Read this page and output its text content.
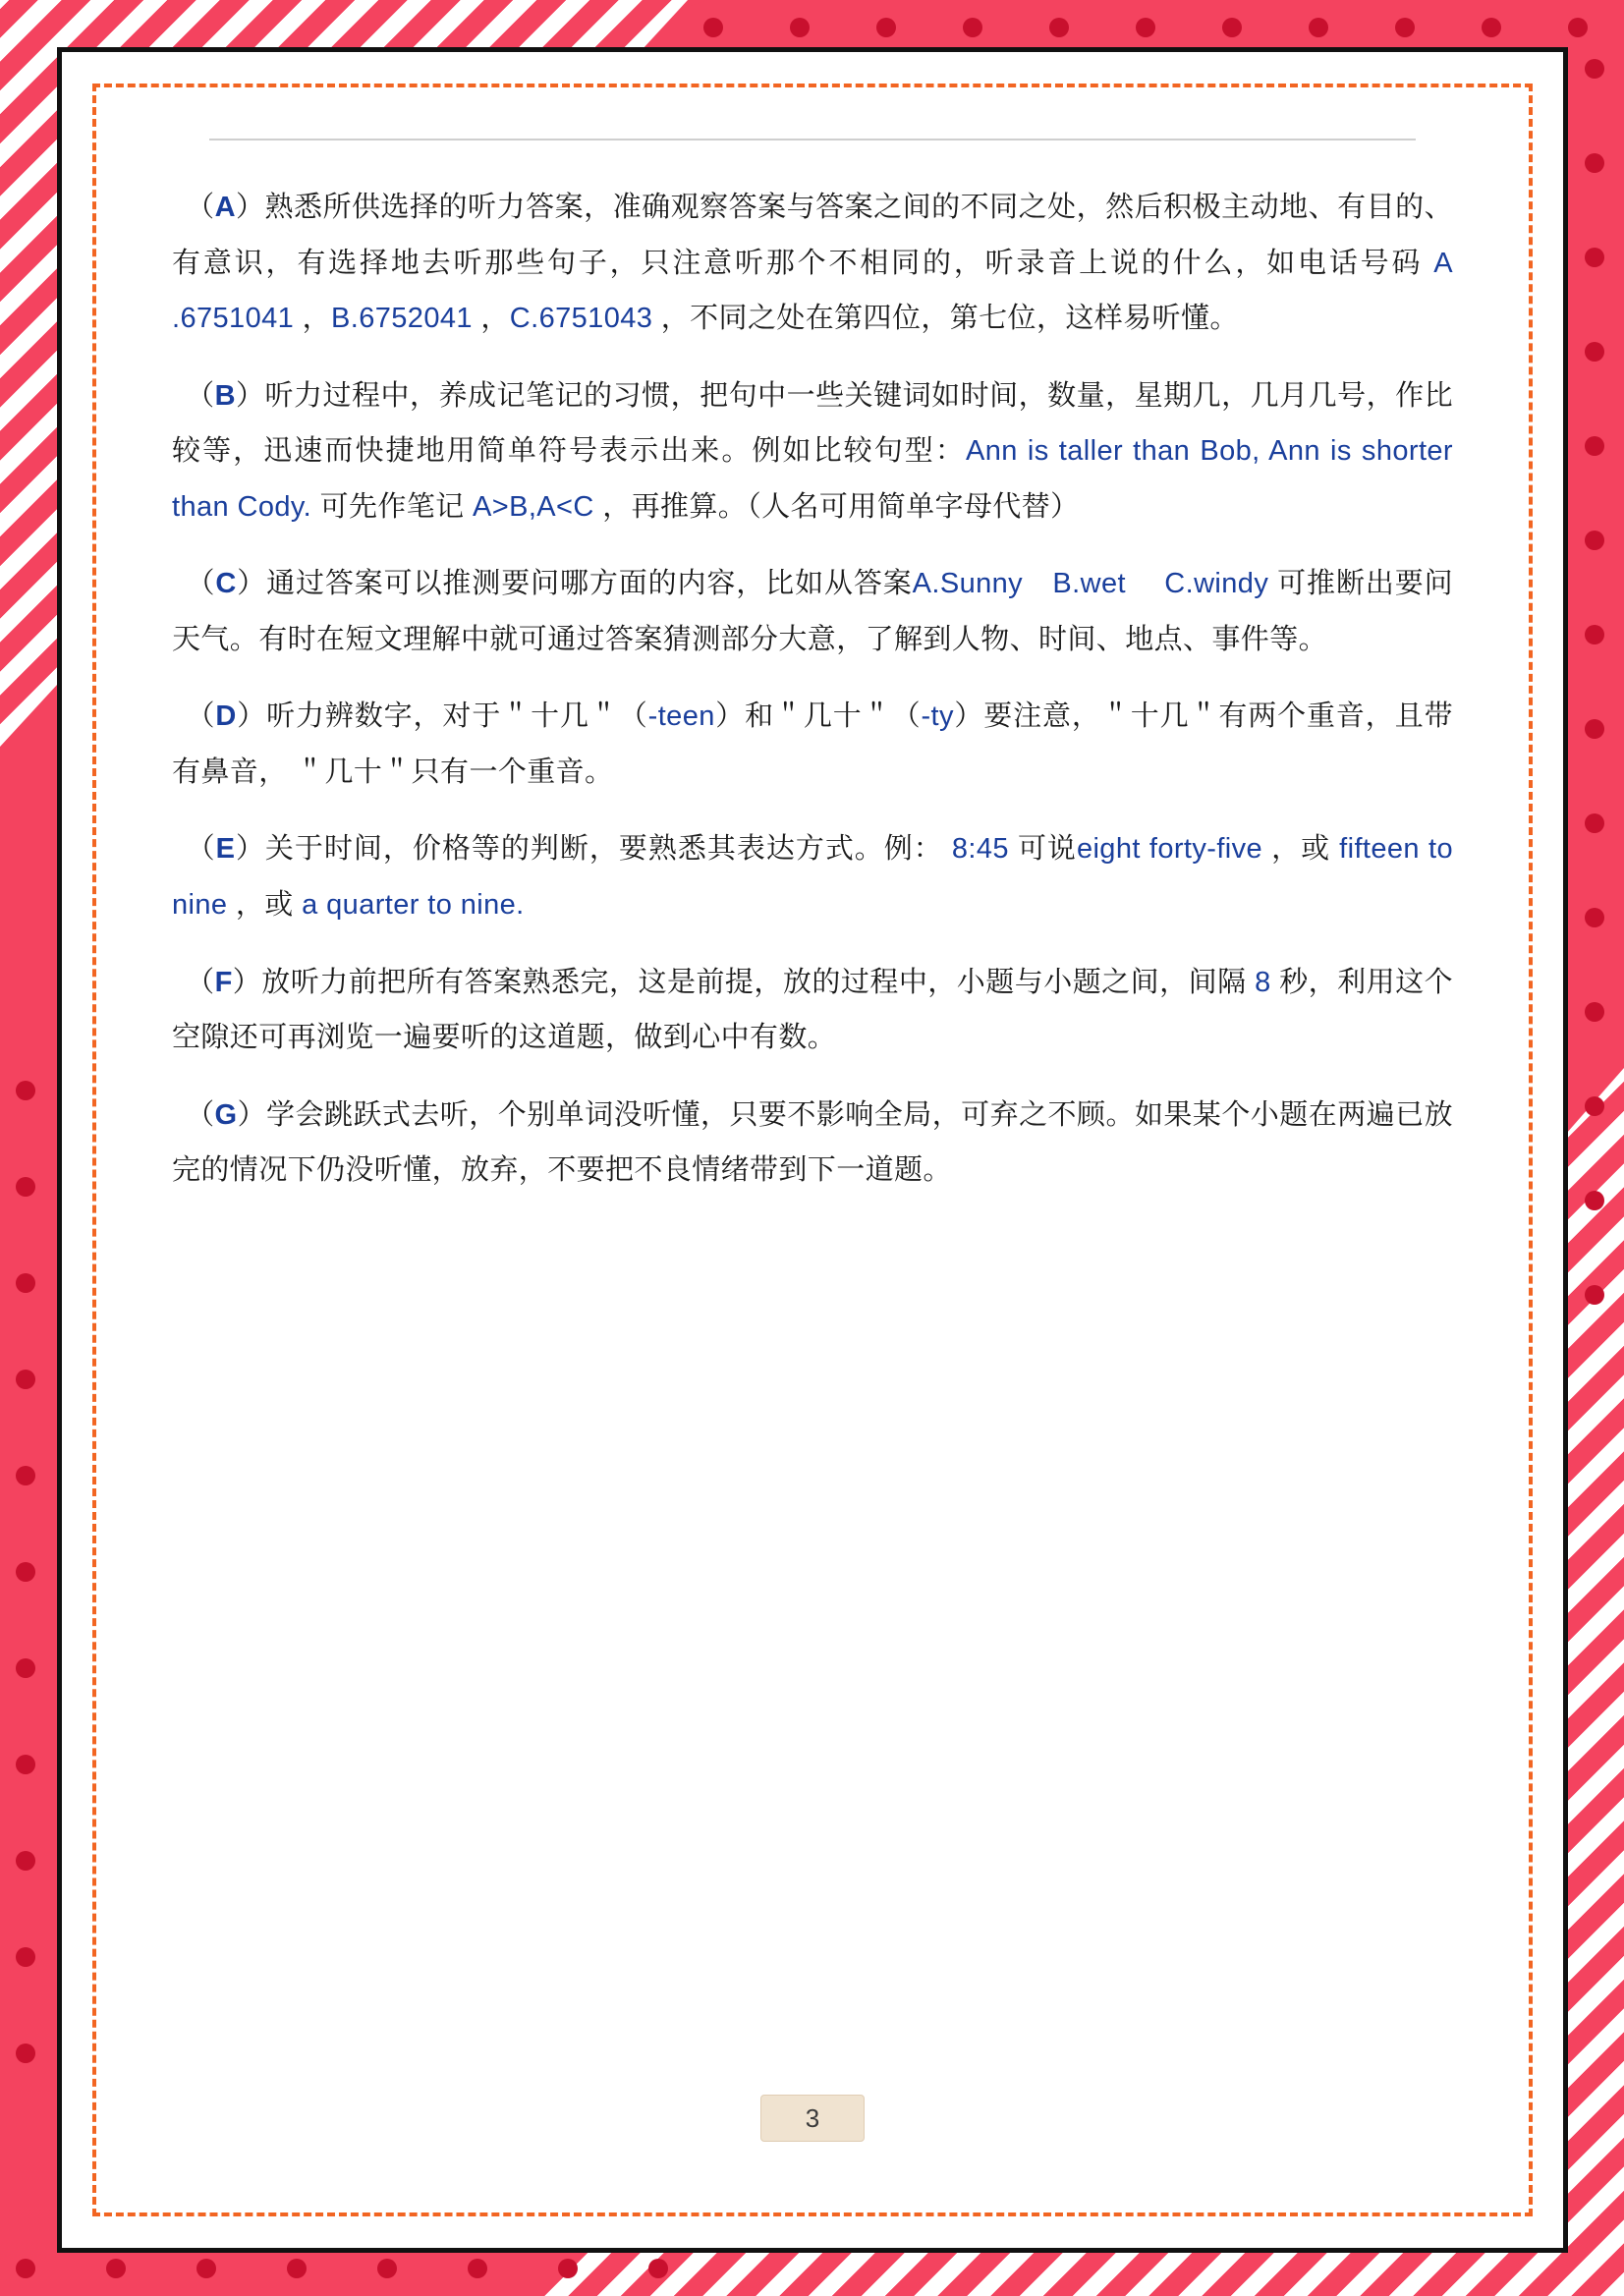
（A）熟悉所供选择的听力答案，准确观察答案与答案之间的不同之处，然后积极主动地、有目的、有意识，有选择地去听那些句子，只注意听那个不相同的，听录音上说的什么，如电话号码 A .6751041 ，B.6752041 ，C.6751043 ，不同之处在第四位，第七位，这样易听懂。
（B）听力过程中，养成记笔记的习惯，把句中一些关键词如时间，数量，星期几，几月几号，作比较等，迅速而快捷地用简单符号表示出来。例如比较句型：Ann is taller than Bob, Ann is shorter than Cody. 可先作笔记 A>B,A<C ，再推算。（人名可用简单字母代替）
（C）通过答案可以推测要问哪方面的内容，比如从答案A.Sunny　B.wet　 C.windy 可推断出要问天气。有时在短文理解中就可通过答案猜测部分大意，了解到人物、时间、地点、事件等。
（D）听力辨数字，对于＂十几＂（-teen）和＂几十＂（-ty）要注意，＂十几＂有两个重音，且带有鼻音， ＂几十＂只有一个重音。
（E）关于时间，价格等的判断，要熟悉其表达方式。例： 8:45 可说eight forty-five ，或 fifteen to nine ，或 a quarter to nine.
（F）放听力前把所有答案熟悉完，这是前提，放的过程中，小题与小题之间，间隔 8 秒，利用这个空隙还可再浏览一遍要听的这道题，做到心中有数。
（G）学会跳跃式去听，个别单词没听懂，只要不影响全局，可弃之不顾。如果某个小题在两遍已放完的情况下仍没听懂，放弃，不要把不良情绪带到下一道题。
3
